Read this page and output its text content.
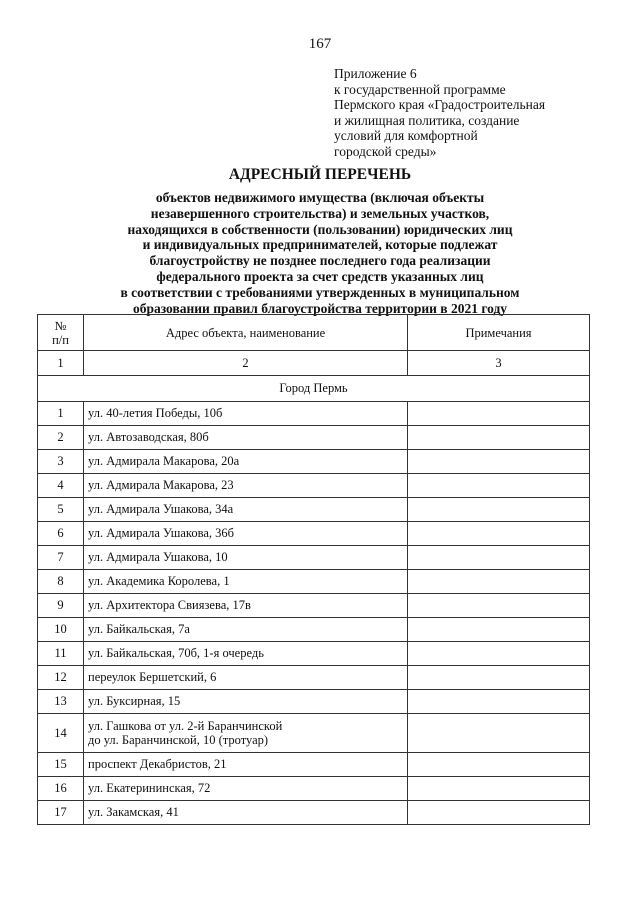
167
Приложение 6
к государственной программе
Пермского края «Градостроительная
и жилищная политика, создание
условий для комфортной
городской среды»
АДРЕСНЫЙ ПЕРЕЧЕНЬ
объектов недвижимого имущества (включая объекты
незавершенного строительства) и земельных участков,
находящихся в собственности (пользовании) юридических лиц
и индивидуальных предпринимателей, которые подлежат
благоустройству не позднее последнего года реализации
федерального проекта за счет средств указанных лиц
в соответствии с требованиями утвержденных в муниципальном
образовании правил благоустройства территории в 2021 году
№
п/п	Адрес объекта, наименование	Примечания
1	2	3
Город Пермь		
1	ул. 40-летия Победы, 10б	
2	ул. Автозаводская, 80б	
3	ул. Адмирала Макарова, 20а	
4	ул. Адмирала Макарова, 23	
5	ул. Адмирала Ушакова, 34а	
6	ул. Адмирала Ушакова, 36б	
7	ул. Адмирала Ушакова, 10	
8	ул. Академика Королева, 1	
9	ул. Архитектора Свиязева, 17в	
10	ул. Байкальская, 7а	
11	ул. Байкальская, 70б, 1-я очередь	
12	переулок Бершетский, 6	
13	ул. Буксирная, 15	
14	ул. Гашкова от ул. 2-й Баранчинской
до ул. Баранчинской, 10 (тротуар)	

15	проспект Декабристов, 21	
16	ул. Екатерининская, 72	
17	ул. Закамская, 41	
